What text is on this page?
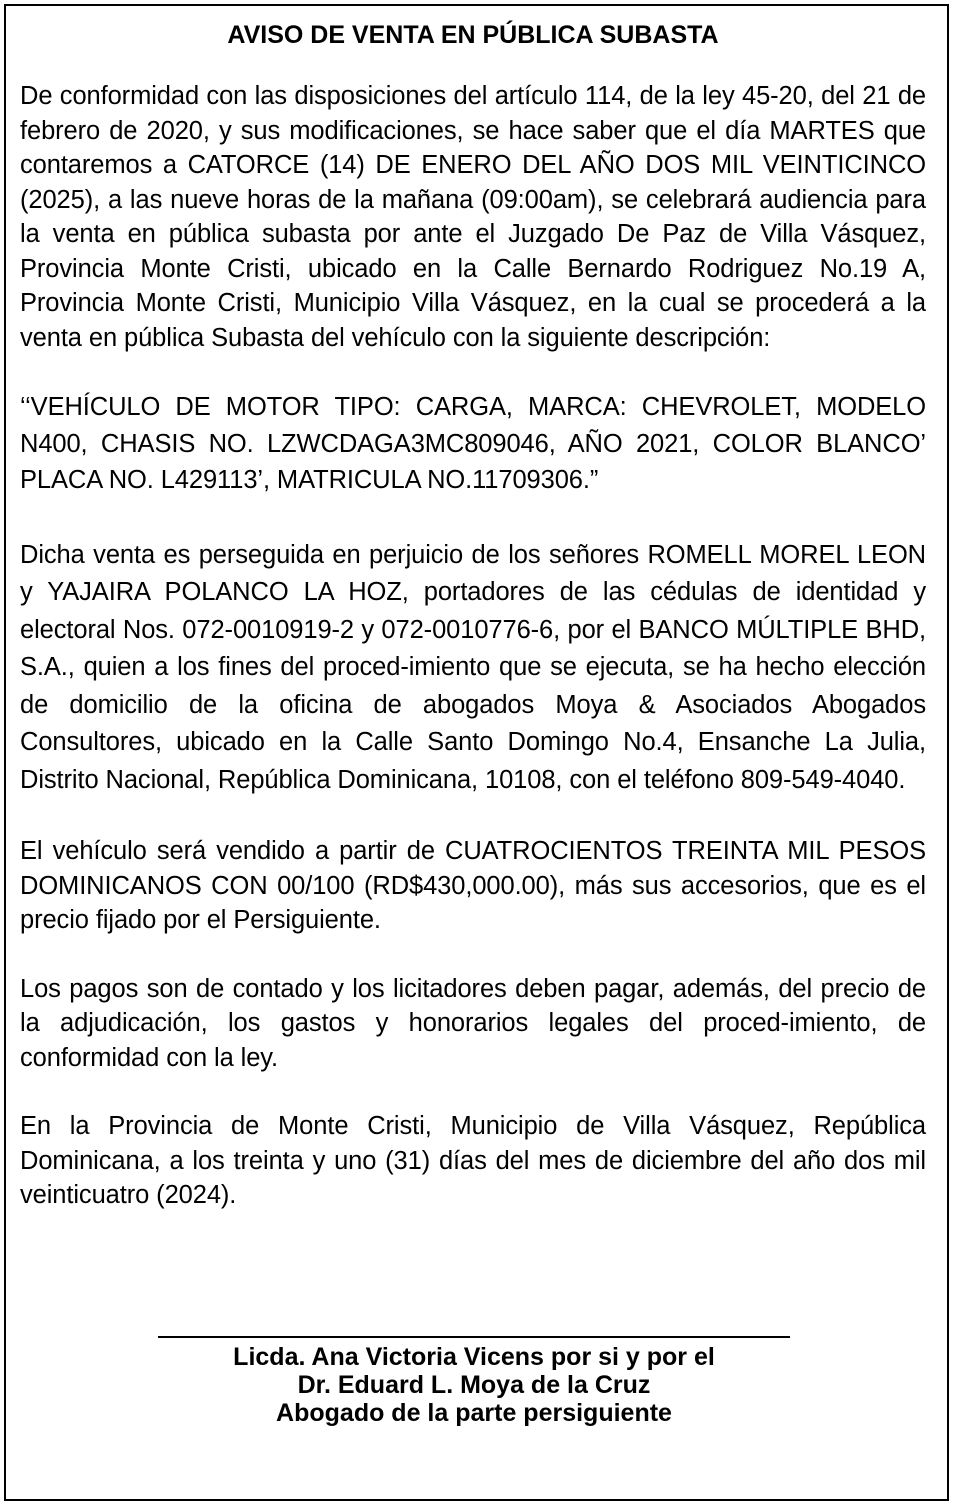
AVISO DE VENTA EN PÚBLICA SUBASTA

De conformidad con las disposiciones del artículo 114, de la ley 45-20, del 21 de febrero de 2020, y sus modificaciones, se hace saber que el día MARTES que contaremos a CATORCE (14) DE ENERO DEL AÑO DOS MIL VEINTICINCO (2025), a las nueve horas de la mañana (09:00am), se celebrará audiencia para la venta en pública subasta por ante el Juzgado De Paz de Villa Vásquez, Provincia Monte Cristi, ubicado en la Calle Bernardo Rodriguez No.19 A, Provincia Monte Cristi, Municipio Villa Vásquez, en la cual se procederá a la venta en pública Subasta del vehículo con la siguiente descripción:

‘‘VEHÍCULO DE MOTOR TIPO: CARGA, MARCA: CHEVROLET, MODELO N400, CHASIS NO. LZWCDAGA3MC809046, AÑO 2021, COLOR BLANCO’ PLACA NO. L429113’, MATRICULA NO.11709306.”

Dicha venta es perseguida en perjuicio de los señores ROMELL MOREL LEON y YAJAIRA POLANCO LA HOZ, portadores de las cédulas de identidad y electoral Nos. 072-0010919-2 y 072-0010776-6, por el BANCO MÚLTIPLE BHD, S.A., quien a los fines del proced-imiento que se ejecuta, se ha hecho elección de domicilio de la oficina de abogados Moya & Asociados Abogados Consultores, ubicado en la Calle Santo Domingo No.4, Ensanche La Julia, Distrito Nacional, República Dominicana, 10108, con el teléfono 809-549-4040.

El vehículo será vendido a partir de CUATROCIENTOS TREINTA MIL PESOS DOMINICANOS CON 00/100 (RD$430,000.00), más sus accesorios, que es el precio fijado por el Persiguiente.

Los pagos son de contado y los licitadores deben pagar, además, del precio de la adjudicación, los gastos y honorarios legales del proced-imiento, de conformidad con la ley.

En la Provincia de Monte Cristi, Municipio de Villa Vásquez, República Dominicana, a los treinta y uno (31) días del mes de diciembre del año dos mil veinticuatro (2024).

Licda. Ana Victoria Vicens por si y por el

Dr. Eduard L. Moya de la Cruz

Abogado de la parte persiguiente
